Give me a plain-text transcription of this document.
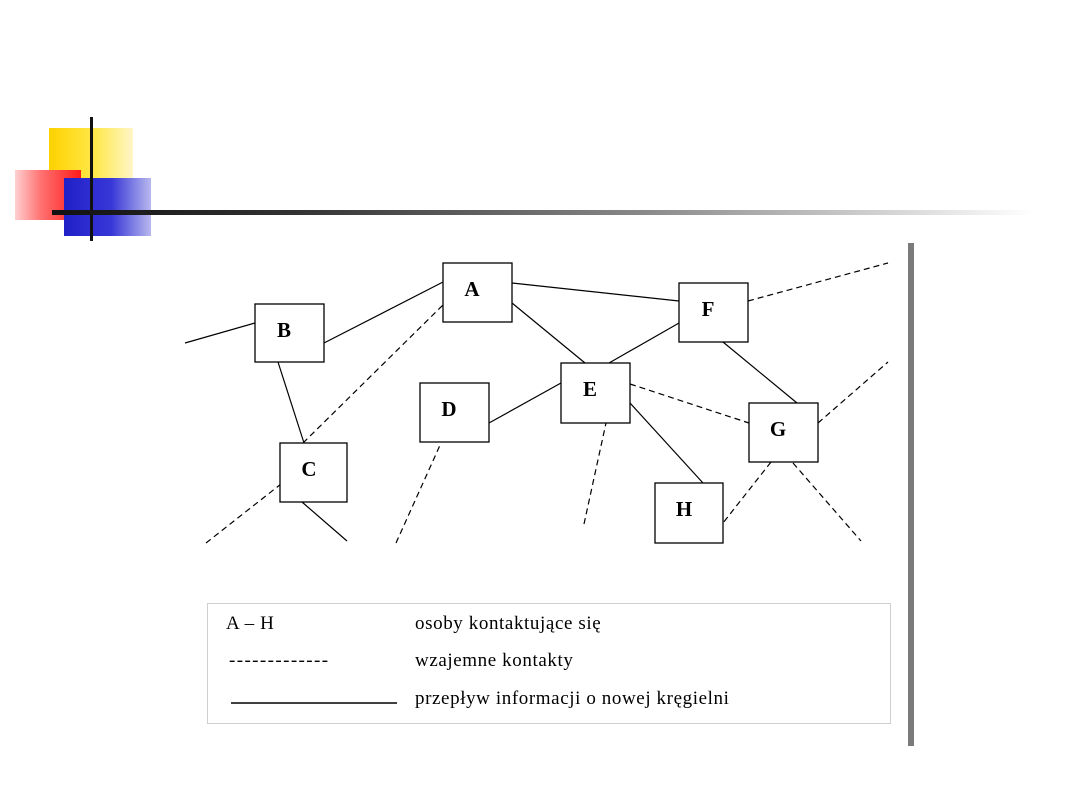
A
B
C
D
E
F
G
H
A – H	osoby kontaktujące się
-------------	wzajemne kontakty
przepływ informacji o nowej kręgielni
